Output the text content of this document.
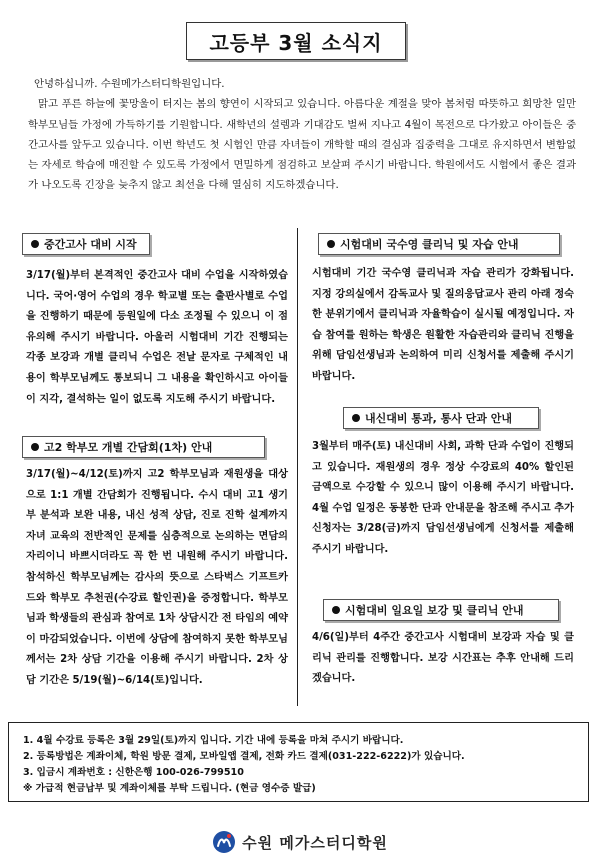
고등부 3월 소식지

안녕하십니까. 수원메가스터디학원입니다.

맑고 푸른 하늘에 꽃망울이 터지는 봄의 향연이 시작되고 있습니다. 아름다운 계절을 맞아 봄처럼 따뜻하고 희망찬 일만 학부모님들 가정에 가득하기를 기원합니다. 새학년의 설렘과 기대감도 벌써 지나고 4월이 목전으로 다가왔고 아이들은 중간고사를 앞두고 있습니다. 이번 학년도 첫 시험인 만큼 자녀들이 개학할 때의 결심과 집중력을 그대로 유지하면서 변함없는 자세로 학습에 매진할 수 있도록 가정에서 면밀하게 점검하고 보살펴 주시기 바랍니다. 학원에서도 시험에서 좋은 결과가 나오도록 긴장을 늦추지 않고 최선을 다해 열심히 지도하겠습니다.

중간고사 대비 시작

3/17(월)부터 본격적인 중간고사 대비 수업을 시작하였습니다. 국어·영어 수업의 경우 학교별 또는 출판사별로 수업을 진행하기 때문에 등원일에 다소 조정될 수 있으니 이 점 유의해 주시기 바랍니다. 아울러 시험대비 기간 진행되는 각종 보강과 개별 클리닉 수업은 전날 문자로 구체적인 내용이 학부모님께도 통보되니 그 내용을 확인하시고 아이들이 지각, 결석하는 일이 없도록 지도해 주시기 바랍니다.

고2 학부모 개별 간담회(1차) 안내

3/17(월)~4/12(토)까지 고2 학부모님과 재원생을 대상으로 1:1 개별 간담회가 진행됩니다. 수시 대비 고1 생기부 분석과 보완 내용, 내신 성적 상담, 진로 진학 설계까지 자녀 교육의 전반적인 문제를 심층적으로 논의하는 면담의 자리이니 바쁘시더라도 꼭 한 번 내원해 주시기 바랍니다. 참석하신 학부모님께는 감사의 뜻으로 스타벅스 기프트카드와 학부모 추천권(수강료 할인권)을 증정합니다. 학부모님과 학생들의 관심과 참여로 1차 상담시간 전 타임의 예약이 마감되었습니다. 이번에 상담에 참여하지 못한 학부모님께서는 2차 상담 기간을 이용해 주시기 바랍니다. 2차 상담 기간은 5/19(월)~6/14(토)입니다.

시험대비 국수영 클리닉 및 자습 안내

시험대비 기간 국수영 클리닉과 자습 관리가 강화됩니다. 지정 강의실에서 감독교사 및 질의응답교사 관리 아래 정숙한 분위기에서 클리닉과 자율학습이 실시될 예정입니다. 자습 참여를 원하는 학생은 원활한 자습관리와 클리닉 진행을 위해 담임선생님과 논의하여 미리 신청서를 제출해 주시기 바랍니다.

내신대비 통과, 통사 단과 안내

3월부터 매주(토) 내신대비 사회, 과학 단과 수업이 진행되고 있습니다. 재원생의 경우 정상 수강료의 40% 할인된 금액으로 수강할 수 있으니 많이 이용해 주시기 바랍니다. 4월 수업 일정은 동봉한 단과 안내문을 참조해 주시고 추가 신청자는 3/28(금)까지 담임선생님에게 신청서를 제출해 주시기 바랍니다.

시험대비 일요일 보강 및 클리닉 안내

4/6(일)부터 4주간 중간고사 시험대비 보강과 자습 및 클리닉 관리를 진행합니다. 보강 시간표는 추후 안내해 드리겠습니다.

1. 4월 수강료 등록은 3월 29일(토)까지 입니다. 기간 내에 등록을 마쳐 주시기 바랍니다.

2. 등록방법은 계좌이체, 학원 방문 결제, 모바일앱 결제, 전화 카드 결제(031-222-6222)가 있습니다.

3. 입금시 계좌번호 : 신한은행 100-026-799510

※ 가급적 현금납부 및 계좌이체를 부탁 드립니다. (현금 영수증 발급)

수원 메가스터디학원
